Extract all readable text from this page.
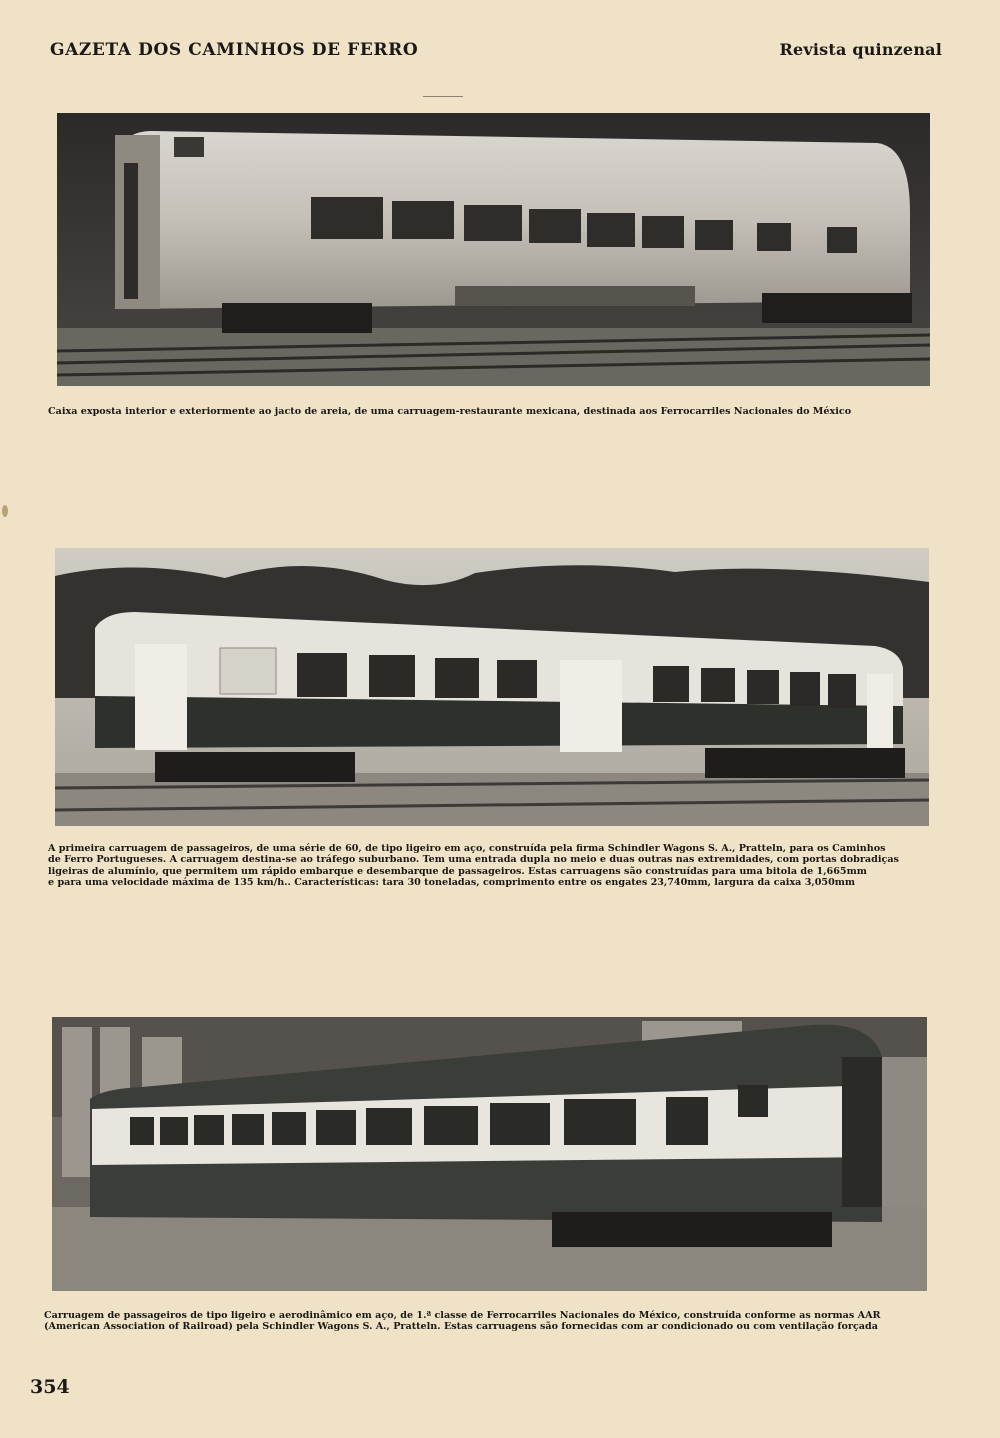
GAZETA DOS CAMINHOS DE FERRO	Revista quinzenal
Caixa exposta interior e exteriormente ao jacto de areia, de uma carruagem-restaurante mexicana, destinada aos Ferrocarriles Nacionales do México
A primeira carruagem de passageiros, de uma série de 60, de tipo ligeiro em aço, construída pela firma Schindler Wagons S. A., Pratteln, para os Caminhos
de Ferro Portugueses. A carruagem destina-se ao tráfego suburbano. Tem uma entrada dupla no meio e duas outras nas extremidades, com portas dobradiças
ligeiras de alumínio, que permitem um rápido embarque e desembarque de passageiros. Estas carruagens são construídas para uma bitola de 1,665mm
e para uma velocidade máxima de 135 km/h.. Características: tara 30 toneladas, comprimento entre os engates 23,740mm, largura da caixa 3,050mm
Carruagem de passageiros de tipo ligeiro e aerodinâmico em aço, de 1.ª classe de Ferrocarriles Nacionales do México, construída conforme as normas AAR
(American Association of Railroad) pela Schindler Wagons S. A., Pratteln. Estas carruagens são fornecidas com ar condicionado ou com ventilação forçada
354
